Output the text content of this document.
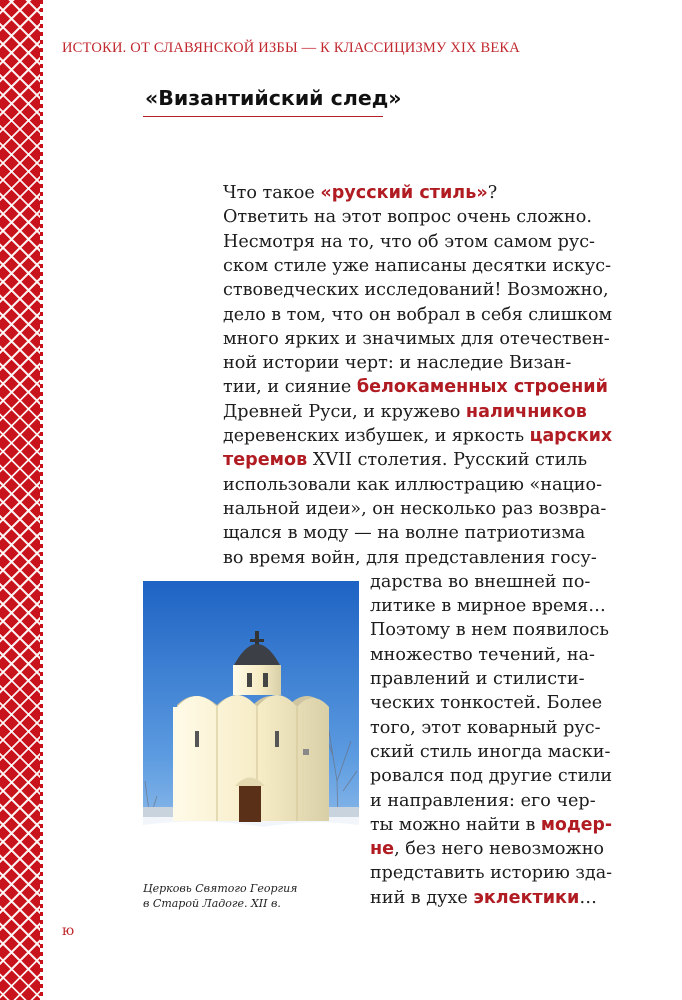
ИСТОКИ. ОТ СЛАВЯНСКОЙ ИЗБЫ — К КЛАССИЦИЗМУ XIX ВЕКА
«Византийский след»
Что такое «русский стиль»?
Ответить на этот вопрос очень сложно.
Несмотря на то, что об этом самом рус-
ском стиле уже написаны десятки искус-
ствоведческих исследований! Возможно,
дело в том, что он вобрал в себя слишком
много ярких и значимых для отечествен-
ной истории черт: и наследие Визан-
тии, и сияние белокаменных строений
Древней Руси, и кружево наличников
деревенских избушек, и яркость царских
теремов XVII столетия. Русский стиль
использовали как иллюстрацию «нацио-
нальной идеи», он несколько раз возвра-
щался в моду — на волне патриотизма
во время войн, для представления госу-
дарства во внешней по-
литике в мирное время…
Поэтому в нем появилось
множество течений, на-
правлений и стилисти-
ческих тонкостей. Более
того, этот коварный рус-
ский стиль иногда маски-
ровался под другие стили
и направления: его чер-
ты можно найти в модер-
не, без него невозможно
представить историю зда-
ний в духе эклектики…
Церковь Святого Георгия
в Старой Ладоге. XII в.
ю
